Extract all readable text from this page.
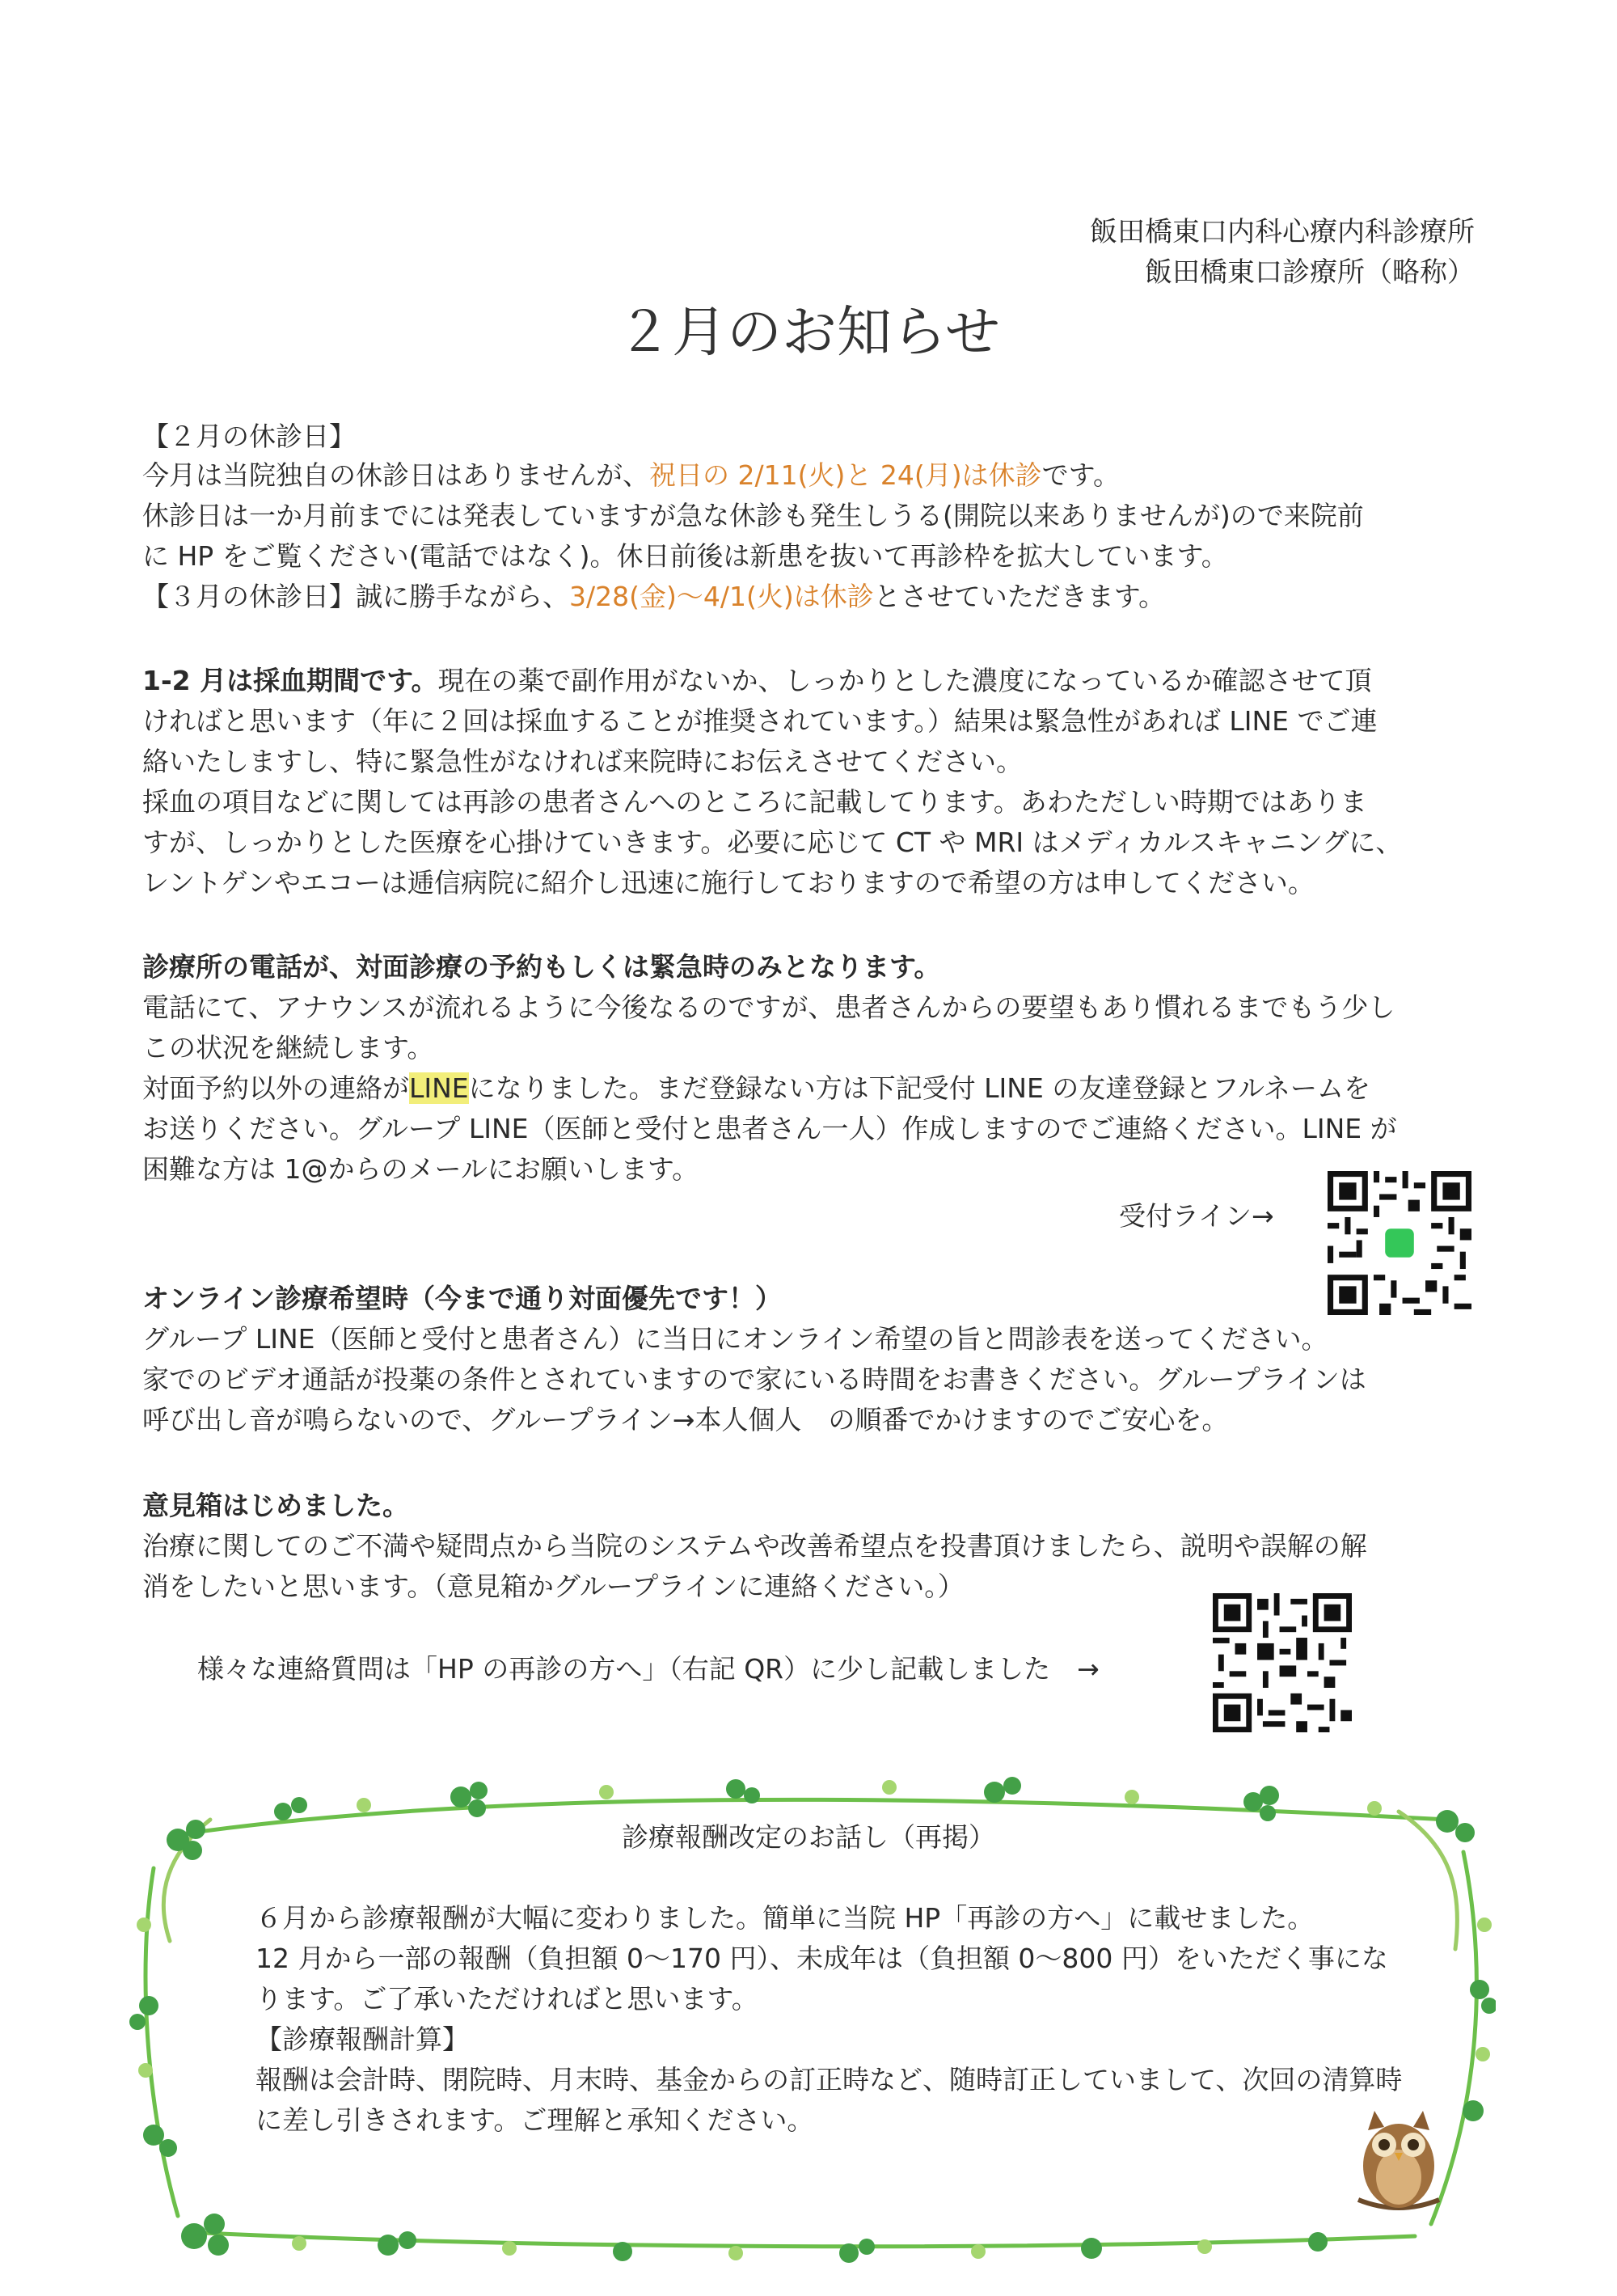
飯田橋東口内科心療内科診療所
飯田橋東口診療所（略称）
２月のお知らせ
【２月の休診日】
今月は当院独自の休診日はありませんが、祝日の 2/11(火)と 24(月)は休診です。
休診日は一か月前までには発表していますが急な休診も発生しうる(開院以来ありませんが)ので来院前
に HP をご覧ください(電話ではなく)。休日前後は新患を抜いて再診枠を拡大しています。
【３月の休診日】誠に勝手ながら、3/28(金)～4/1(火)は休診とさせていただきます。
1-2 月は採血期間です。現在の薬で副作用がないか、しっかりとした濃度になっているか確認させて頂
ければと思います（年に２回は採血することが推奨されています。）結果は緊急性があれば LINE でご連
絡いたしますし、特に緊急性がなければ来院時にお伝えさせてください。
採血の項目などに関しては再診の患者さんへのところに記載してります。あわただしい時期ではありま
すが、しっかりとした医療を心掛けていきます。必要に応じて CT や MRI はメディカルスキャニングに、
レントゲンやエコーは逓信病院に紹介し迅速に施行しておりますので希望の方は申してください。
診療所の電話が、対面診療の予約もしくは緊急時のみとなります。
電話にて、アナウンスが流れるように今後なるのですが、患者さんからの要望もあり慣れるまでもう少し
この状況を継続します。
対面予約以外の連絡がLINEになりました。まだ登録ない方は下記受付 LINE の友達登録とフルネームを
お送りください。グループ LINE（医師と受付と患者さん一人）作成しますのでご連絡ください。LINE が
困難な方は 1@からのメールにお願いします。
受付ライン→
オンライン診療希望時（今まで通り対面優先です！）
グループ LINE（医師と受付と患者さん）に当日にオンライン希望の旨と問診表を送ってください。
家でのビデオ通話が投薬の条件とされていますので家にいる時間をお書きください。グループラインは
呼び出し音が鳴らないので、グループライン→本人個人　の順番でかけますのでご安心を。
意見箱はじめました。
治療に関してのご不満や疑問点から当院のシステムや改善希望点を投書頂けましたら、説明や誤解の解
消をしたいと思います。（意見箱かグループラインに連絡ください。）
様々な連絡質問は「HP の再診の方へ」（右記 QR）に少し記載しました　→
診療報酬改定のお話し（再掲）
６月から診療報酬が大幅に変わりました。簡単に当院 HP「再診の方へ」に載せました。
12 月から一部の報酬（負担額 0～170 円）、未成年は（負担額 0～800 円）をいただく事にな
ります。ご了承いただければと思います。
【診療報酬計算】
報酬は会計時、閉院時、月末時、基金からの訂正時など、随時訂正していまして、次回の清算時
に差し引きされます。ご理解と承知ください。
